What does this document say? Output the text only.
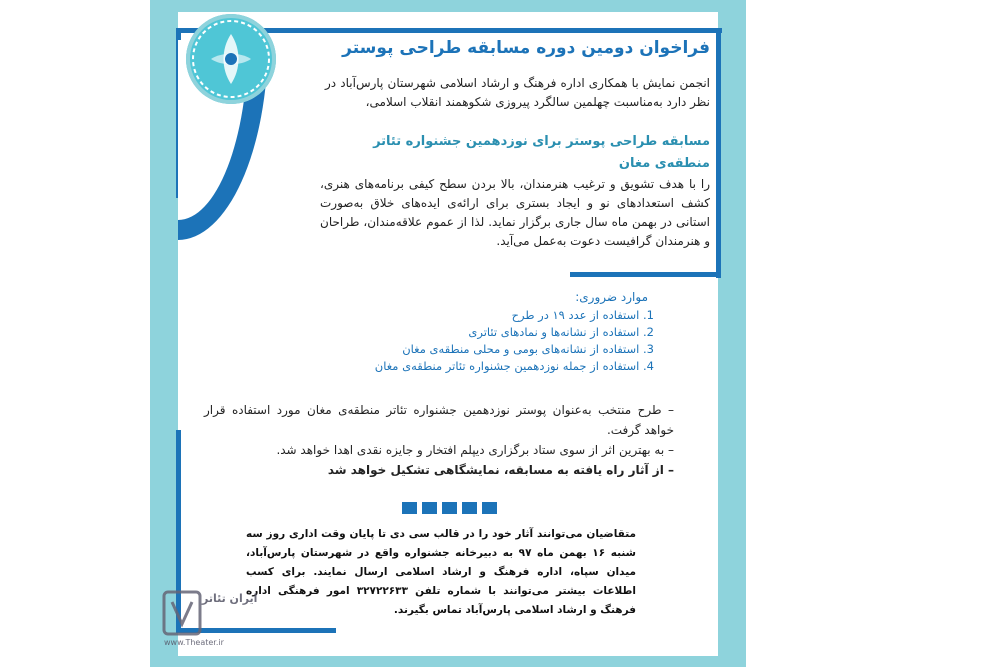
فراخوان دومین دوره مسابقه طراحی پوستر

انجمن نمایش با همکاری اداره فرهنگ و ارشاد اسلامی شهرستان پارس‌آباد در نظر دارد به‌مناسبت چهلمین سالگرد پیروزی شکوهمند انقلاب اسلامی،

مسابقه طراحی پوستر برای نوزدهمین جشنواره تئاتر منطقه‌ی مغان

را با هدف تشویق و ترغیب هنرمندان، بالا بردن سطح کیفی برنامه‌های هنری، کشف استعدادهای نو و ایجاد بستری برای ارائه‌ی ایده‌های خلاق به‌صورت استانی در بهمن ماه سال جاری برگزار نماید. لذا از عموم علاقه‌مندان، طراحان و هنرمندان گرافیست دعوت به‌عمل می‌آید.

موارد ضروری:

1. استفاده از عدد ۱۹ در طرح

2. استفاده از نشانه‌ها و نمادهای تئاتری

3. استفاده از نشانه‌های بومی و محلی منطقه‌ی مغان

4. استفاده از جمله نوزدهمین جشنواره تئاتر منطقه‌ی مغان

– طرح منتخب به‌عنوان پوستر نوزدهمین جشنواره تئاتر منطقه‌ی مغان مورد استفاده قرار خواهد گرفت.
– به بهترین اثر از سوی ستاد برگزاری دیپلم افتخار و جایزه نقدی اهدا خواهد شد.
– از آثار راه یافته به مسابقه، نمایشگاهی تشکیل خواهد شد

متقاضیان می‌توانند آثار خود را در قالب سی دی تا پایان وقت اداری روز سه شنبه ۱۶ بهمن ماه ۹۷ به دبیرخانه جشنواره واقع در شهرستان پارس‌آباد، میدان سپاه، اداره فرهنگ و ارشاد اسلامی ارسال نمایند. برای کسب اطلاعات بیشتر می‌توانند با شماره تلفن ۳۲۷۲۲۶۳۳ امور فرهنگی اداره فرهنگ و ارشاد اسلامی پارس‌آباد تماس بگیرند.

ایران تئاتر
www.Theater.ir
